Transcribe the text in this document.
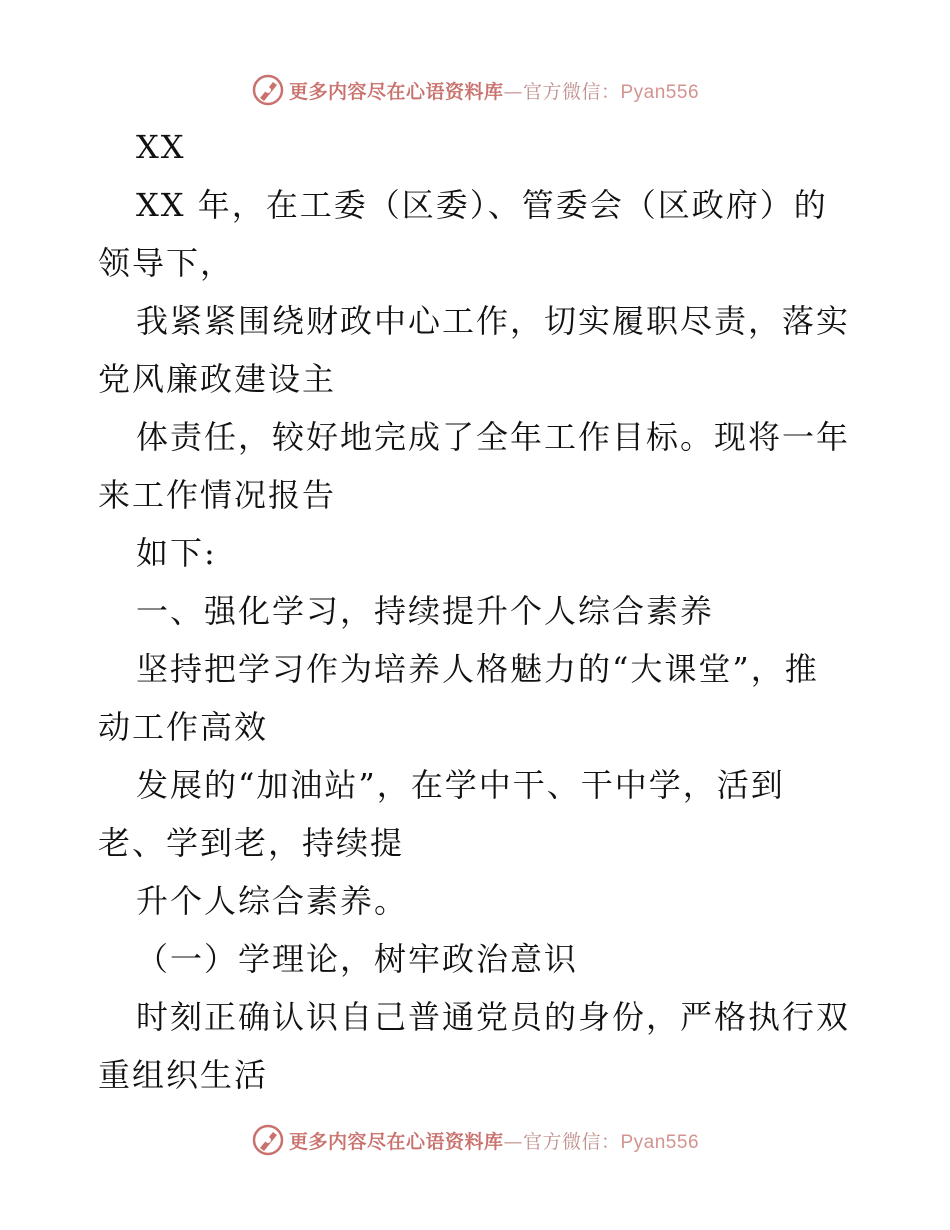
更多内容尽在心语资料库—官方微信：Pyan556

XX

XX 年，在工委（区委）、管委会（区政府）的

领导下，

我紧紧围绕财政中心工作，切实履职尽责，落实

党风廉政建设主

体责任，较好地完成了全年工作目标。现将一年

来工作情况报告

如下:

一、强化学习，持续提升个人综合素养

坚持把学习作为培养人格魅力的“大课堂”，推

动工作高效

发展的“加油站”，在学中干、干中学，活到

老、学到老，持续提

升个人综合素养。

（一）学理论，树牢政治意识

时刻正确认识自己普通党员的身份，严格执行双

重组织生活

更多内容尽在心语资料库—官方微信：Pyan556
